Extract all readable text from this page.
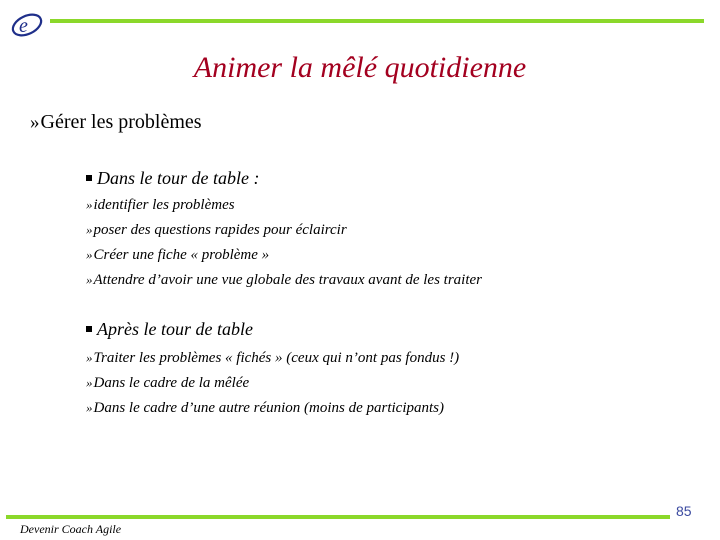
e
Animer la mêlé quotidienne
» Gérer les problèmes
Dans le tour de table :
» identifier les problèmes
» poser des questions rapides pour éclaircir
» Créer une fiche « problème »
» Attendre d’avoir une vue globale des travaux avant de les traiter
Après le tour de table
» Traiter les problèmes « fichés » (ceux qui n’ont pas fondus !)
» Dans le cadre de la mêlée
» Dans le cadre d’une autre réunion (moins de participants)
85
Devenir Coach Agile
